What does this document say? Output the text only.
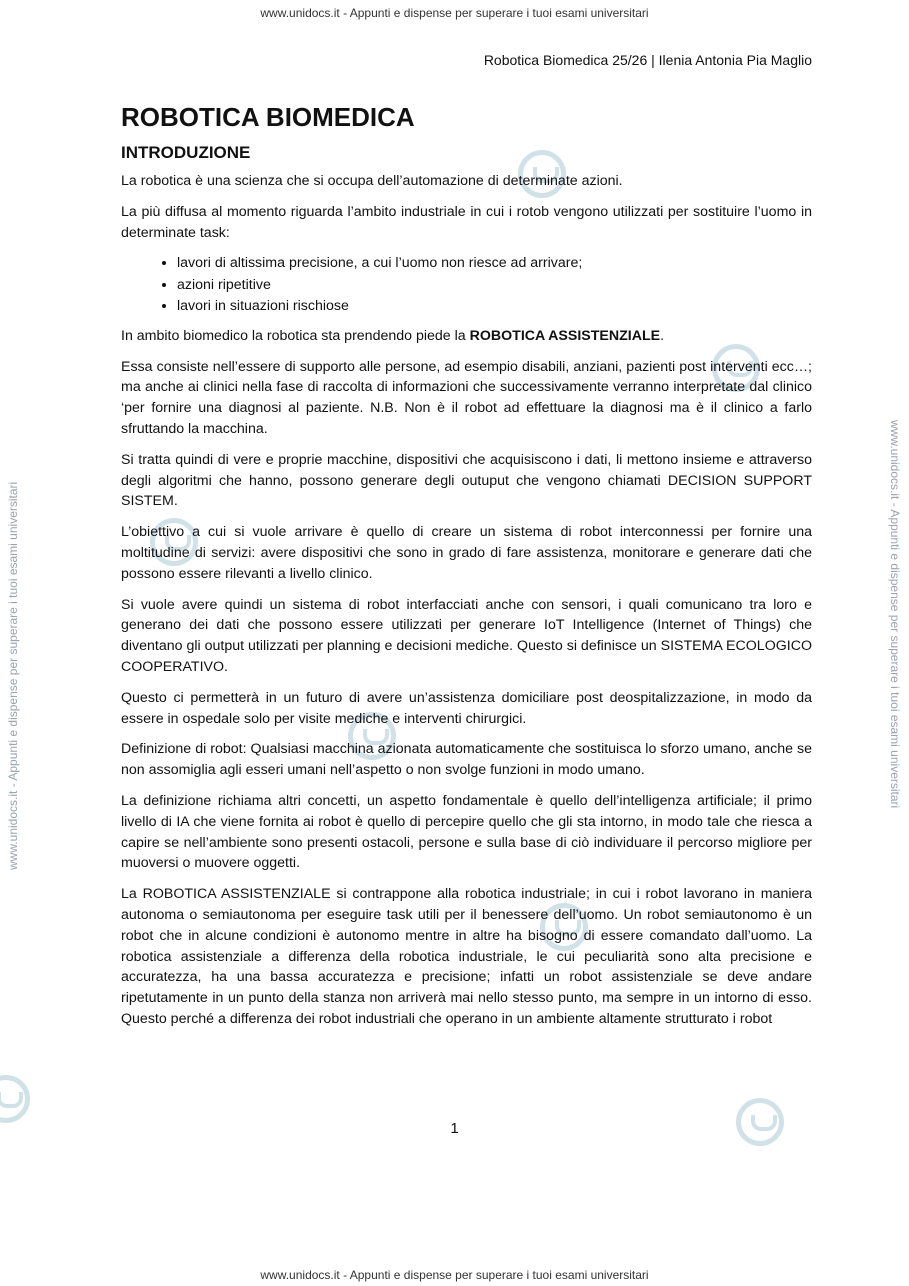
www.unidocs.it - Appunti e dispense per superare i tuoi esami universitari
www.unidocs.it - Appunti e dispense per superare i tuoi esami universitari	www.unidocs.it - Appunti e dispense per superare i tuoi esami universitari
Robotica Biomedica 25/26 | Ilenia Antonia Pia Maglio
ROBOTICA BIOMEDICA
INTRODUZIONE

La robotica è una scienza che si occupa dell’automazione di determinate azioni.

La più diffusa al momento riguarda l’ambito industriale in cui i rotob vengono utilizzati per sostituire l’uomo in determinate task:

• lavori di altissima precisione, a cui l’uomo non riesce ad arrivare;
• azioni ripetitive
• lavori in situazioni rischiose

In ambito biomedico la robotica sta prendendo piede la ROBOTICA ASSISTENZIALE.

Essa consiste nell’essere di supporto alle persone, ad esempio disabili, anziani, pazienti post interventi ecc…; ma anche ai clinici nella fase di raccolta di informazioni che successivamente verranno interpretate dal clinico ‘per fornire una diagnosi al paziente. N.B. Non è il robot ad effettuare la diagnosi ma è il clinico a farlo sfruttando la macchina.

Si tratta quindi di vere e proprie macchine, dispositivi che acquisiscono i dati, li mettono insieme e attraverso degli algoritmi che hanno, possono generare degli outuput che vengono chiamati DECISION SUPPORT SISTEM.

L’obiettivo a cui si vuole arrivare è quello di creare un sistema di robot interconnessi per fornire una moltitudine di servizi: avere dispositivi che sono in grado di fare assistenza, monitorare e generare dati che possono essere rilevanti a livello clinico.

Si vuole avere quindi un sistema di robot interfacciati anche con sensori, i quali comunicano tra loro e generano dei dati che possono essere utilizzati per generare IoT Intelligence (Internet of Things) che diventano gli output utilizzati per planning e decisioni mediche. Questo si definisce un SISTEMA ECOLOGICO COOPERATIVO.

Questo ci permetterà in un futuro di avere un’assistenza domiciliare post deospitalizzazione, in modo da essere in ospedale solo per visite mediche e interventi chirurgici.

Definizione di robot: Qualsiasi macchina azionata automaticamente che sostituisca lo sforzo umano, anche se non assomiglia agli esseri umani nell’aspetto o non svolge funzioni in modo umano.

La definizione richiama altri concetti, un aspetto fondamentale è quello dell’intelligenza artificiale; il primo livello di IA che viene fornita ai robot è quello di percepire quello che gli sta intorno, in modo tale che riesca a capire se nell’ambiente sono presenti ostacoli, persone e sulla base di ciò individuare il percorso migliore per muoversi o muovere oggetti.

La ROBOTICA ASSISTENZIALE si contrappone alla robotica industriale; in cui i robot lavorano in maniera autonoma o semiautonoma per eseguire task utili per il benessere dell’uomo. Un robot semiautonomo è un robot che in alcune condizioni è autonomo mentre in altre ha bisogno di essere comandato dall’uomo. La robotica assistenziale a differenza della robotica industriale, le cui peculiarità sono alta precisione e accuratezza, ha una bassa accuratezza e precisione; infatti un robot assistenziale se deve andare ripetutamente in un punto della stanza non arriverà mai nello stesso punto, ma sempre in un intorno di esso. Questo perché a differenza dei robot industriali che operano in un ambiente altamente strutturato i robot

1
www.unidocs.it - Appunti e dispense per superare i tuoi esami universitari
